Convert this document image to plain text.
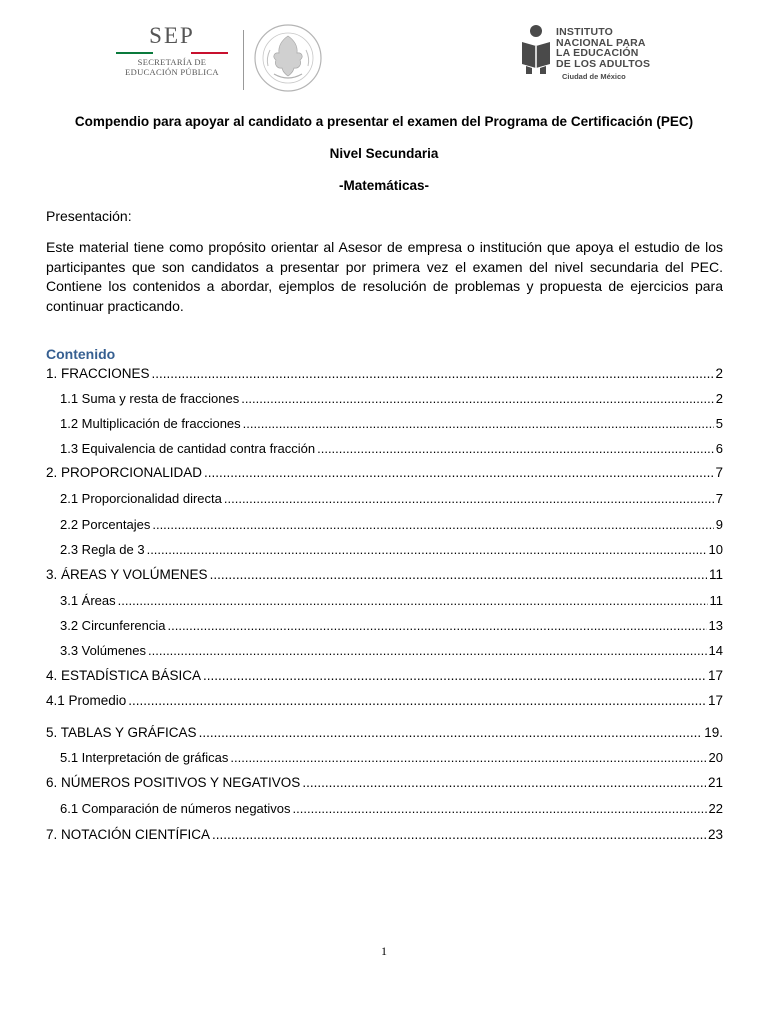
SEP
SECRETARÍA DE
EDUCACIÓN PÚBLICA
INSTITUTO
NACIONAL PARA
LA EDUCACIÓN
DE LOS ADULTOS
Ciudad de México
Compendio para apoyar al candidato a presentar el examen del Programa de Certificación (PEC)
Nivel Secundaria
-Matemáticas-
Presentación:
Este material tiene como propósito orientar al Asesor de empresa o institución que apoya el estudio de los participantes que son candidatos a presentar por primera vez el examen del nivel secundaria del PEC. Contiene los contenidos a abordar, ejemplos de resolución de problemas y propuesta de ejercicios para continuar practicando.
Contenido
1. FRACCIONES .....	2
1.1 Suma y resta de fracciones .....	2
1.2 Multiplicación de fracciones .....	5
1.3 Equivalencia de cantidad contra fracción .....	6
2. PROPORCIONALIDAD .....	7
2.1 Proporcionalidad directa .....	7
2.2 Porcentajes .....	9
2.3 Regla de 3 .....	10
3. ÁREAS Y VOLÚMENES .....	11
3.1 Áreas .....	11
3.2 Circunferencia .....	13
3.3 Volúmenes .....	14
4. ESTADÍSTICA BÁSICA .....	17
4.1 Promedio .....	17
5. TABLAS Y GRÁFICAS .....	19.
5.1 Interpretación de gráficas .....	20
6. NÚMEROS POSITIVOS Y NEGATIVOS .....	21
6.1 Comparación de números negativos .....	22
7. NOTACIÓN CIENTÍFICA .....	23
1
